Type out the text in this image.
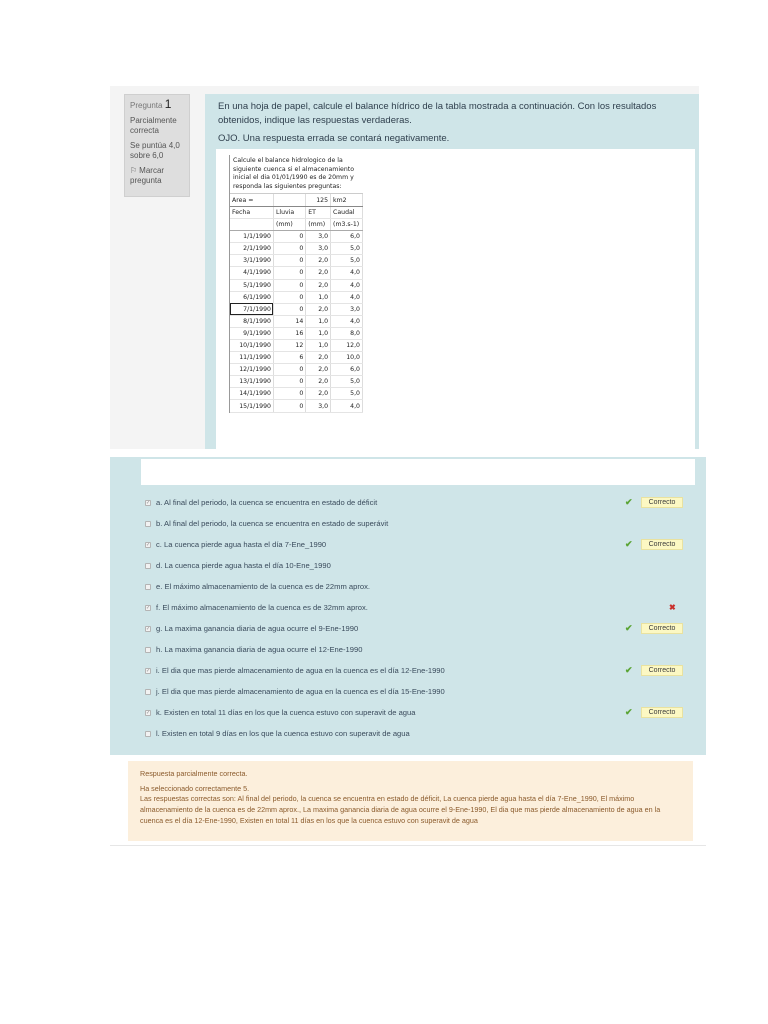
Pregunta 1

Parcialmente correcta

Se puntúa 4,0 sobre 6,0

⚐ Marcar pregunta

En una hoja de papel, calcule el balance hídrico de la tabla mostrada a continuación. Con los resultados obtenidos, indique las respuestas verdaderas.
OJO. Una respuesta errada se contará negativamente.
Calcule el balance hidrologico de la siguiente cuenca si el almacenamiento inicial el dia 01/01/1990 es de 20mm y responda las siguientes preguntas:
Area =		125	km2
Fecha	Lluvia	ET	Caudal
	(mm)	(mm)	(m3.s-1)
1/1/1990	0	3,0	6,0
2/1/1990	0	3,0	5,0
3/1/1990	0	2,0	5,0
4/1/1990	0	2,0	4,0
5/1/1990	0	2,0	4,0
6/1/1990	0	1,0	4,0
7/1/1990	0	2,0	3,0
8/1/1990	14	1,0	4,0
9/1/1990	16	1,0	8,0
10/1/1990	12	1,0	12,0
11/1/1990	6	2,0	10,0
12/1/1990	0	2,0	6,0
13/1/1990	0	2,0	5,0
14/1/1990	0	2,0	5,0
15/1/1990	0	3,0	4,0
✓ a. Al final del periodo, la cuenca se encuentra en estado de déficit	✔	Correcto
b. Al final del periodo, la cuenca se encuentra en estado de superávit
✓ c. La cuenca pierde agua hasta el día 7-Ene_1990	✔	Correcto
d. La cuenca pierde agua hasta el día 10-Ene_1990
e. El máximo almacenamiento de la cuenca es de 22mm aprox.
✓ f. El máximo almacenamiento de la cuenca es de 32mm aprox.	✖
✓ g. La maxima ganancia diaria de agua ocurre el 9-Ene-1990	✔	Correcto
h. La maxima ganancia diaria de agua ocurre el 12-Ene-1990
✓ i. El dia que mas pierde almacenamiento de agua en la cuenca es el día 12-Ene-1990	✔	Correcto
j. El dia que mas pierde almacenamiento de agua en la cuenca es el día 15-Ene-1990
✓ k. Existen en total 11 días en los que la cuenca estuvo con superavit de agua	✔	Correcto
l. Existen en total 9 días en los que la cuenca estuvo con superavit de agua
Respuesta parcialmente correcta.
Ha seleccionado correctamente 5.
Las respuestas correctas son: Al final del periodo, la cuenca se encuentra en estado de déficit, La cuenca pierde agua hasta el día 7-Ene_1990, El máximo almacenamiento de la cuenca es de 22mm aprox., La maxima ganancia diaria de agua ocurre el 9-Ene-1990, El dia que mas pierde almacenamiento de agua en la cuenca es el día 12-Ene-1990, Existen en total 11 días en los que la cuenca estuvo con superavit de agua
